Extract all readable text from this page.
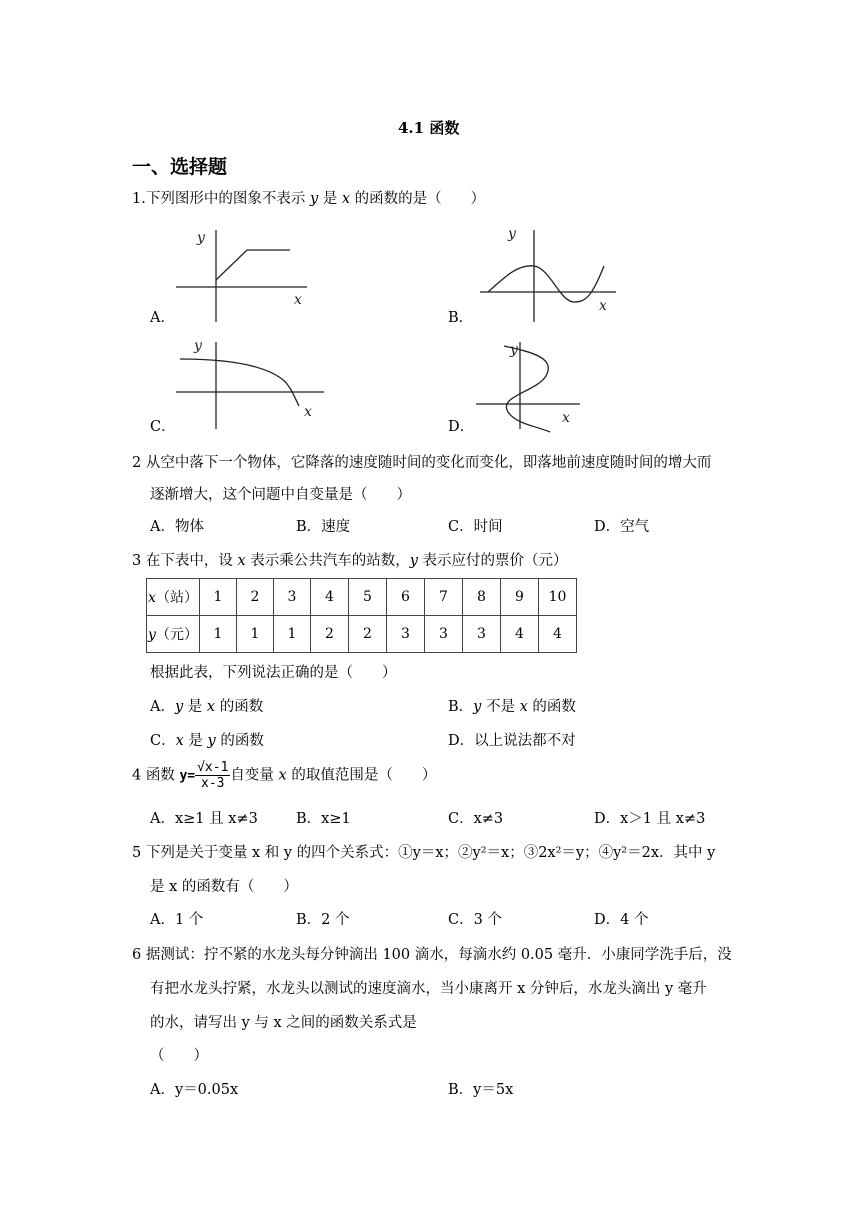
4.1 函数
一、选择题
1.下列图形中的图象不表示 y 是 x 的函数的是（　　）
A．
y
x
B．
y
x
C．
y
x
D．
y
x
2 从空中落下一个物体，它降落的速度随时间的变化而变化，即落地前速度随时间的增大而
逐渐增大，这个问题中自变量是（　　）
A．物体	B．速度	C．时间	D．空气
3 在下表中，设 x 表示乘公共汽车的站数，y 表示应付的票价（元）
x（站）	1	2	3	4	5	6	7	8	9	10
y（元）	1	1	1	2	2	3	3	3	4	4
根据此表，下列说法正确的是（　　）
A．y 是 x 的函数	B．y 不是 x 的函数
C．x 是 y 的函数	D．以上说法都不对
4 函数 $y= \frac{√x-1}{x-3}$ 自变量 x 的取值范围是（　　）
A．x≥1 且 x≠3	B．x≥1	C．x≠3	D．x＞1 且 x≠3
5 下列是关于变量 x 和 y 的四个关系式：①y＝x；②y²＝x；③2x²＝y；④y²＝2x．其中 y
是 x 的函数有（　　）
A．1 个	B．2 个	C．3 个	D．4 个
6 据测试：拧不紧的水龙头每分钟滴出 100 滴水，每滴水约 0.05 毫升．小康同学洗手后，没
有把水龙头拧紧，水龙头以测试的速度滴水，当小康离开 x 分钟后，水龙头滴出 y 毫升
的水，请写出 y 与 x 之间的函数关系式是
（　　）
A．y＝0.05x	B．y＝5x
